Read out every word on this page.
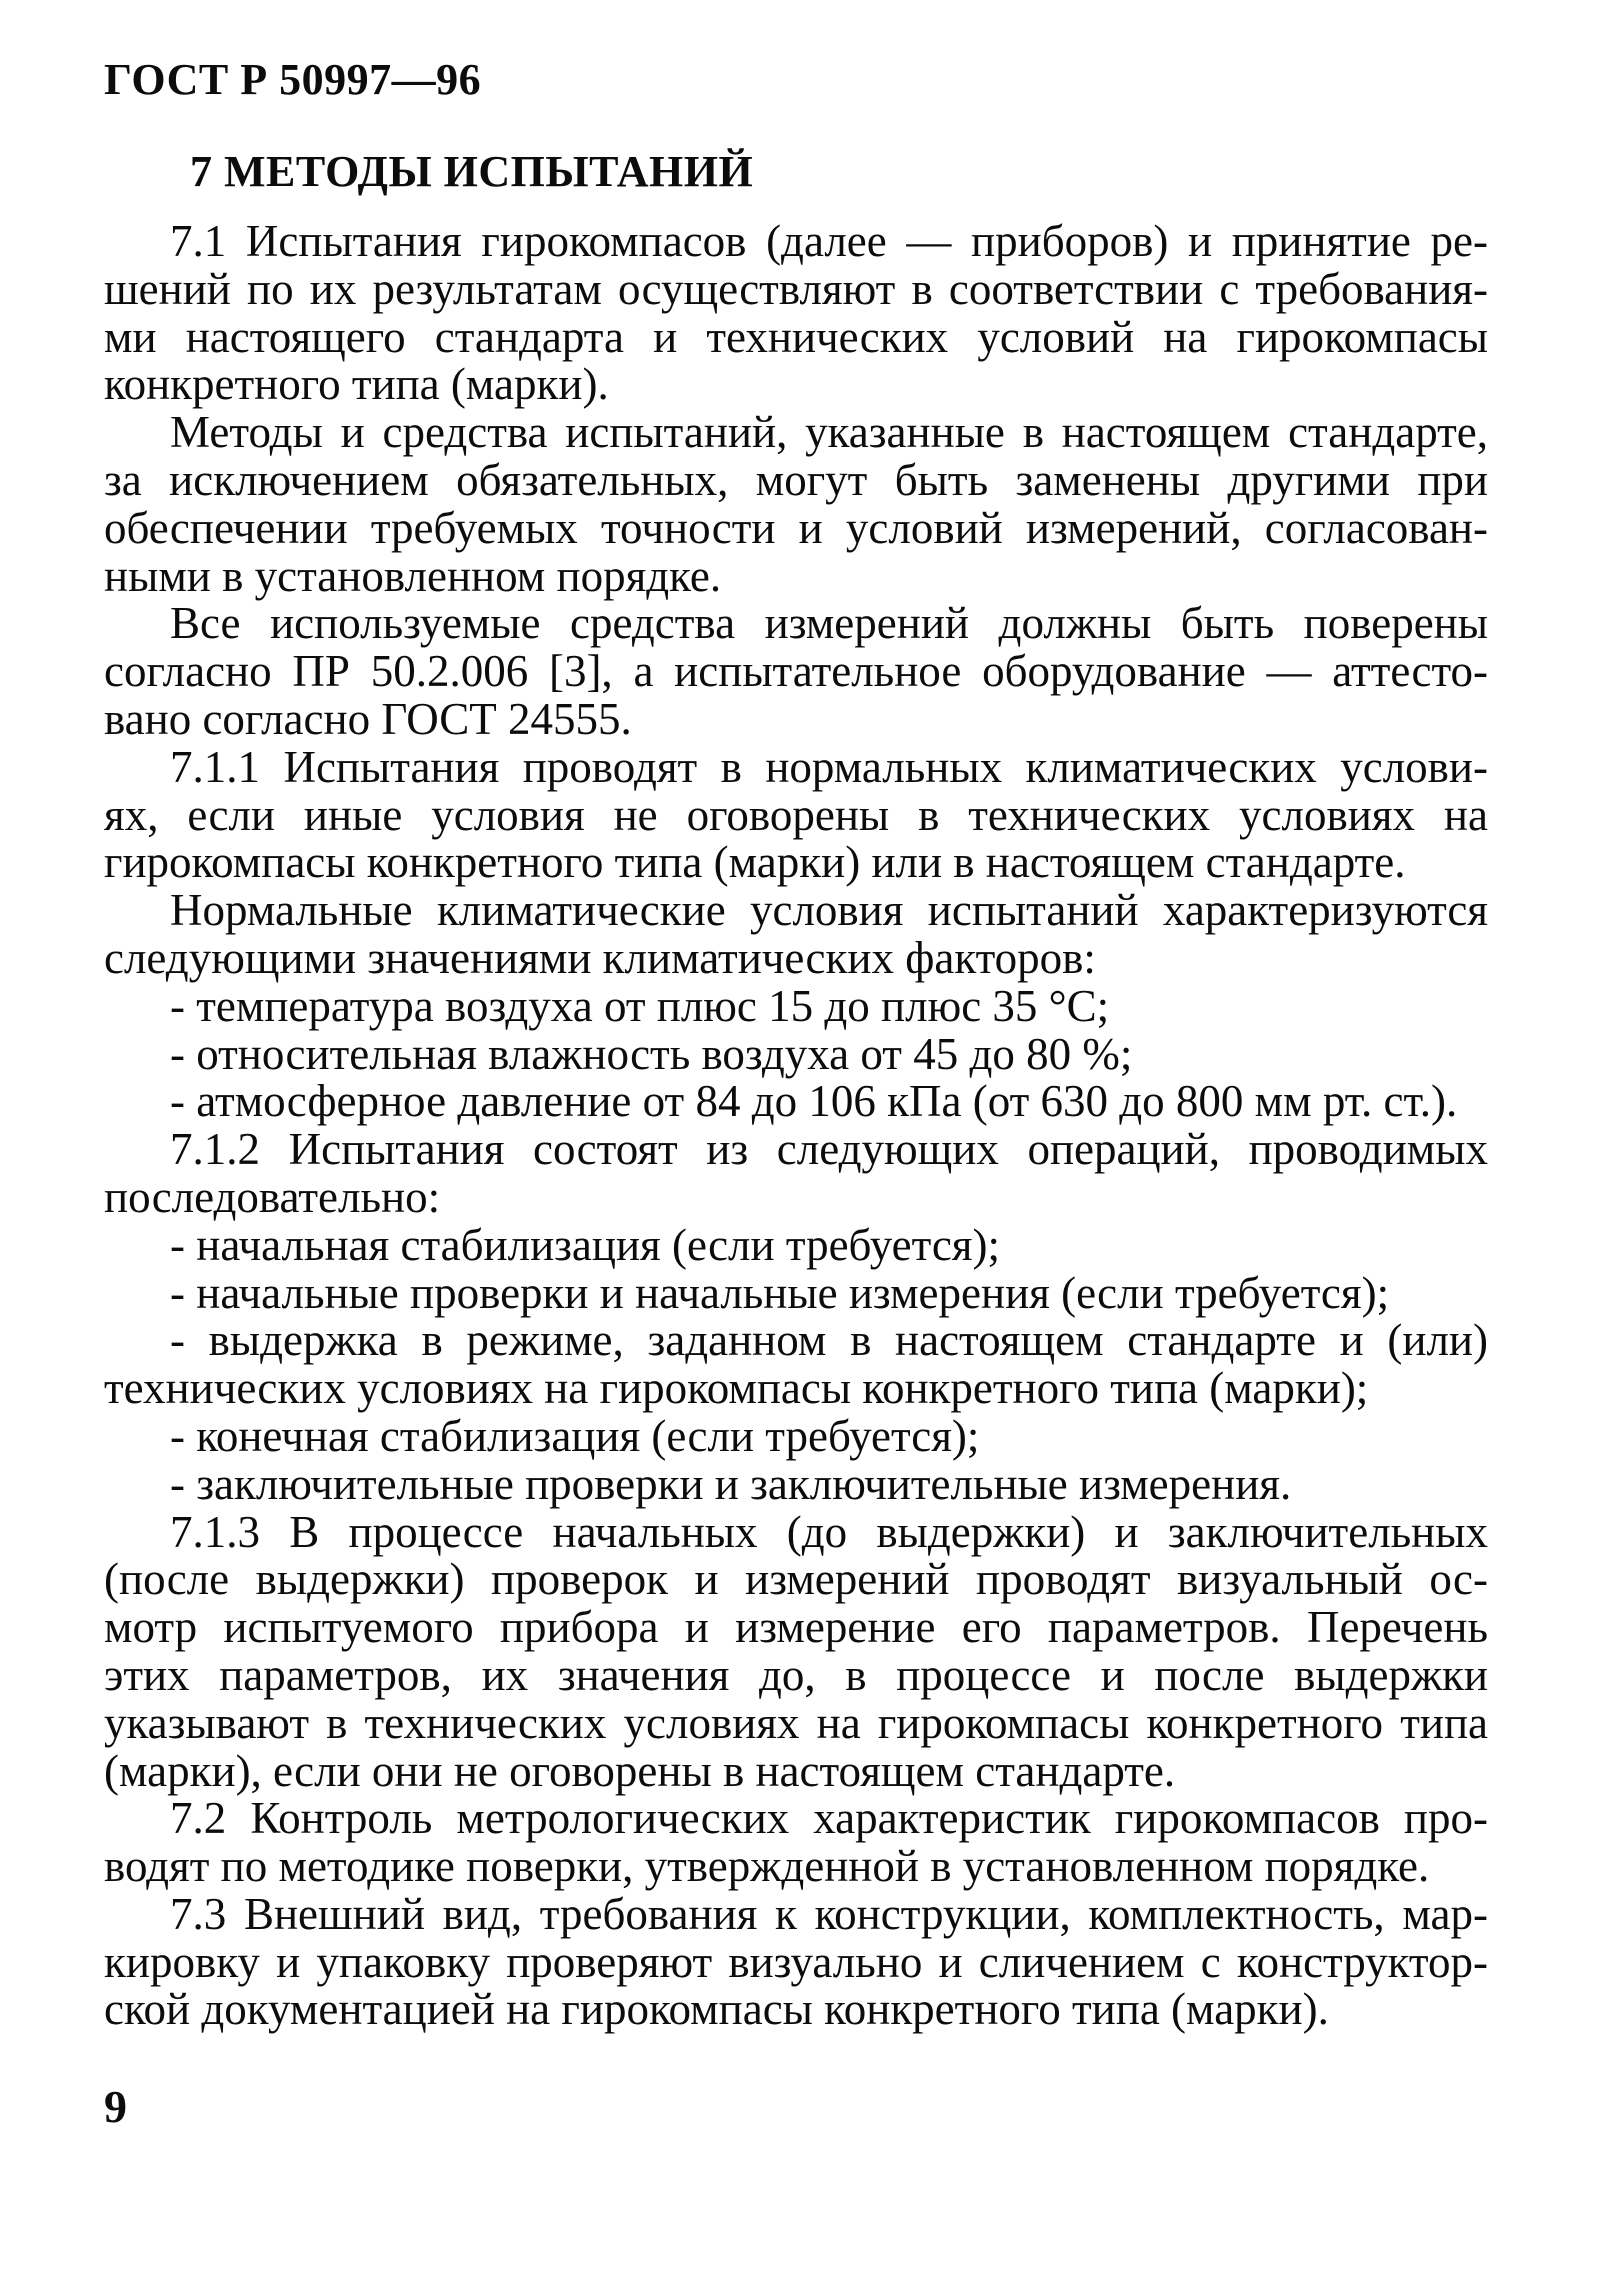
ГОСТ Р 50997—96
7 МЕТОДЫ ИСПЫТАНИЙ
7.1 Испытания гирокомпасов (далее — приборов) и принятие ре-
шений по их результатам осуществляют в соответствии с требования-
ми настоящего стандарта и технических условий на гирокомпасы
конкретного типа (марки).
Методы и средства испытаний, указанные в настоящем стандарте,
за исключением обязательных, могут быть заменены другими при
обеспечении требуемых точности и условий измерений, согласован-
ными в установленном порядке.
Все используемые средства измерений должны быть поверены
согласно ПР 50.2.006 [3], а испытательное оборудование — аттесто-
вано согласно ГОСТ 24555.
7.1.1 Испытания проводят в нормальных климатических услови-
ях, если иные условия не оговорены в технических условиях на
гирокомпасы конкретного типа (марки) или в настоящем стандарте.
Нормальные климатические условия испытаний характеризуются
следующими значениями климатических факторов:
- температура воздуха от плюс 15 до плюс 35 °С;
- относительная влажность воздуха от 45 до 80 %;
- атмосферное давление от 84 до 106 кПа (от 630 до 800 мм рт. ст.).
7.1.2 Испытания состоят из следующих операций, проводимых
последовательно:
- начальная стабилизация (если требуется);
- начальные проверки и начальные измерения (если требуется);
- выдержка в режиме, заданном в настоящем стандарте и (или)
технических условиях на гирокомпасы конкретного типа (марки);
- конечная стабилизация (если требуется);
- заключительные проверки и заключительные измерения.
7.1.3 В процессе начальных (до выдержки) и заключительных
(после выдержки) проверок и измерений проводят визуальный ос-
мотр испытуемого прибора и измерение его параметров. Перечень
этих параметров, их значения до, в процессе и после выдержки
указывают в технических условиях на гирокомпасы конкретного типа
(марки), если они не оговорены в настоящем стандарте.
7.2 Контроль метрологических характеристик гирокомпасов про-
водят по методике поверки, утвержденной в установленном порядке.
7.3 Внешний вид, требования к конструкции, комплектность, мар-
кировку и упаковку проверяют визуально и сличением с конструктор-
ской документацией на гирокомпасы конкретного типа (марки).
9
